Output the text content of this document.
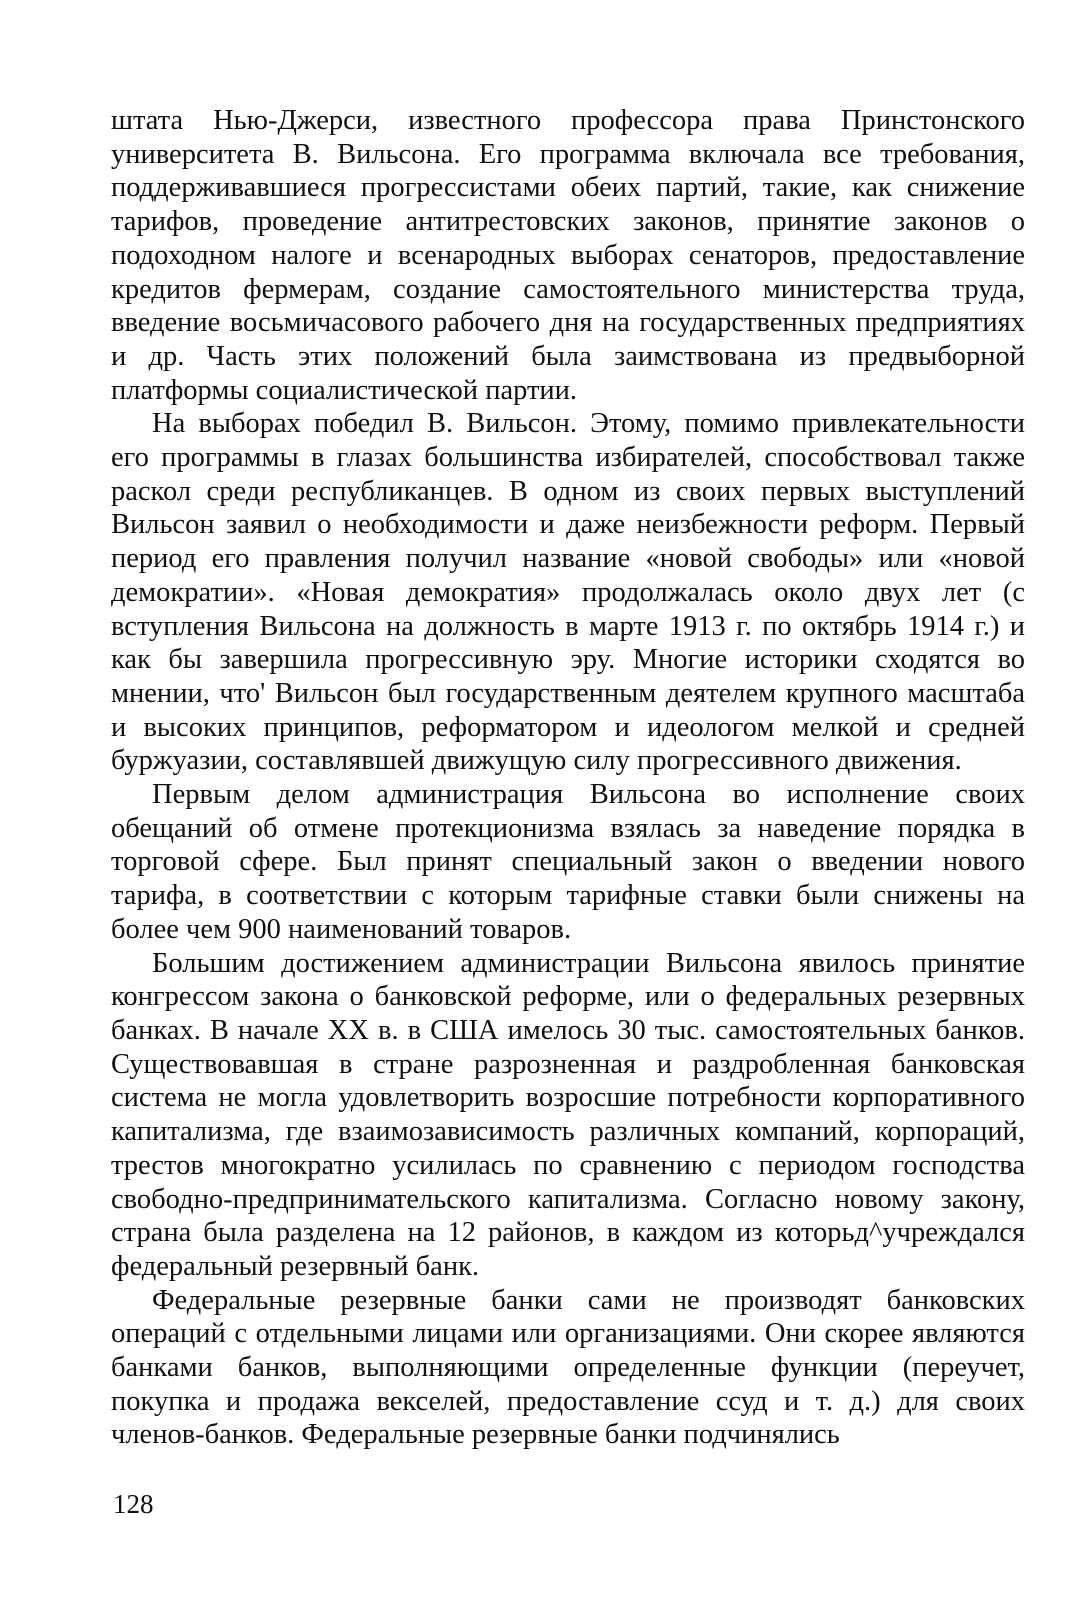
штата Нью-Джерси, известного профессора права Принстонского университета В. Вильсона. Его программа включала все требования, поддерживавшиеся прогрессистами обеих партий, такие, как снижение тарифов, проведение антитрестовских законов, принятие законов о подоходном налоге и всенародных выборах сенаторов, предоставление кредитов фермерам, создание самостоятельного министерства труда, введение восьмичасового рабочего дня на государственных предприятиях и др. Часть этих положений была заимствована из предвыборной платформы социалистической партии.

На выборах победил В. Вильсон. Этому, помимо привлекательности его программы в глазах большинства избирателей, способствовал также раскол среди республиканцев. В одном из своих первых выступлений Вильсон заявил о необходимости и даже неизбежности реформ. Первый период его правления получил название «новой свободы» или «новой демократии». «Новая демократия» продолжалась около двух лет (с вступления Вильсона на должность в марте 1913 г. по октябрь 1914 г.) и как бы завершила прогрессивную эру. Многие историки сходятся во мнении, что' Вильсон был государственным деятелем крупного масштаба и высоких принципов, реформатором и идеологом мелкой и средней буржуазии, составлявшей движущую силу прогрессивного движения.

Первым делом администрация Вильсона во исполнение своих обещаний об отмене протекционизма взялась за наведение порядка в торговой сфере. Был принят специальный закон о введении нового тарифа, в соответствии с которым тарифные ставки были снижены на более чем 900 наименований товаров.

Большим достижением администрации Вильсона явилось принятие конгрессом закона о банковской реформе, или о федеральных резервных банках. В начале XX в. в США имелось 30 тыс. самостоятельных банков. Существовавшая в стране разрозненная и раздробленная банковская система не могла удовлетворить возросшие потребности корпоративного капитализма, где взаимозависимость различных компаний, корпораций, трестов многократно усилилась по сравнению с периодом господства свободно-предпринимательского капитализма. Согласно новому закону, страна была разделена на 12 районов, в каждом из которьд^учреждался федеральный резервный банк.

Федеральные резервные банки сами не производят банковских операций с отдельными лицами или организациями. Они скорее являются банками банков, выполняющими определенные функции (переучет, покупка и продажа векселей, предоставление ссуд и т. д.) для своих членов-банков. Федеральные резервные банки подчинялись

128
